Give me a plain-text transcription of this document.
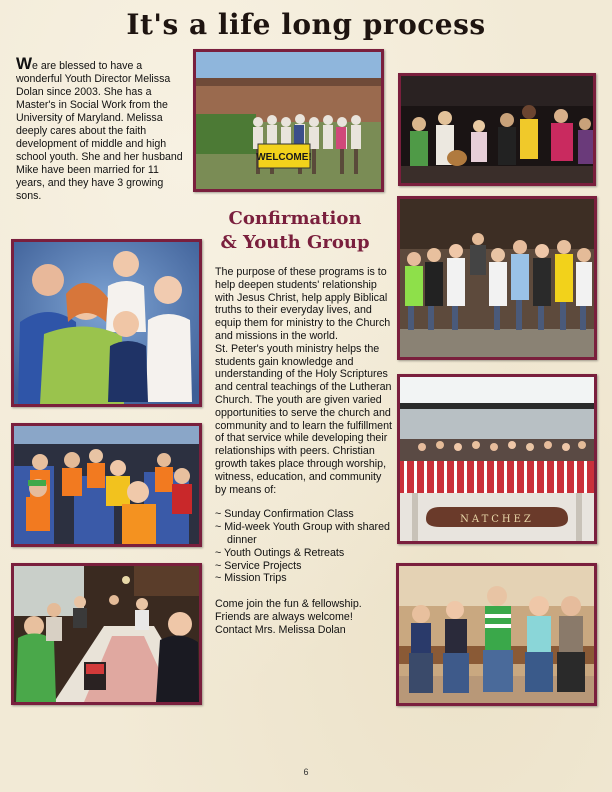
It's a life long process
We are blessed to have a wonderful Youth Director Melissa Dolan since 2003. She has a Master's in Social Work from the University of Maryland. Melissa deeply cares about the faith development of middle and high school youth. She and her husband Mike have been married for 11 years, and they have 3 growing sons.
WELCOME!
Confirmation
& Youth Group
NATCHEZ

The purpose of these programs is to help deepen students' relationship with Jesus Christ, help apply Biblical truths to their everyday lives, and equip them for ministry to the Church and missions in the world.

St. Peter's youth ministry helps the students gain knowledge and understanding of the Holy Scriptures and central teachings of the Lutheran Church. The youth are given varied opportunities to serve the church and community and to learn the fulfillment of that service while developing their relationships with peers. Christian growth takes place through worship, witness, education, and community by means of:

~ Sunday Confirmation Class
~ Mid-week Youth Group with shared dinner
~ Youth Outings & Retreats
~ Service Projects
~ Mission Trips

Come join the fun & fellowship.

Friends are always welcome!

Contact Mrs. Melissa Dolan

6
